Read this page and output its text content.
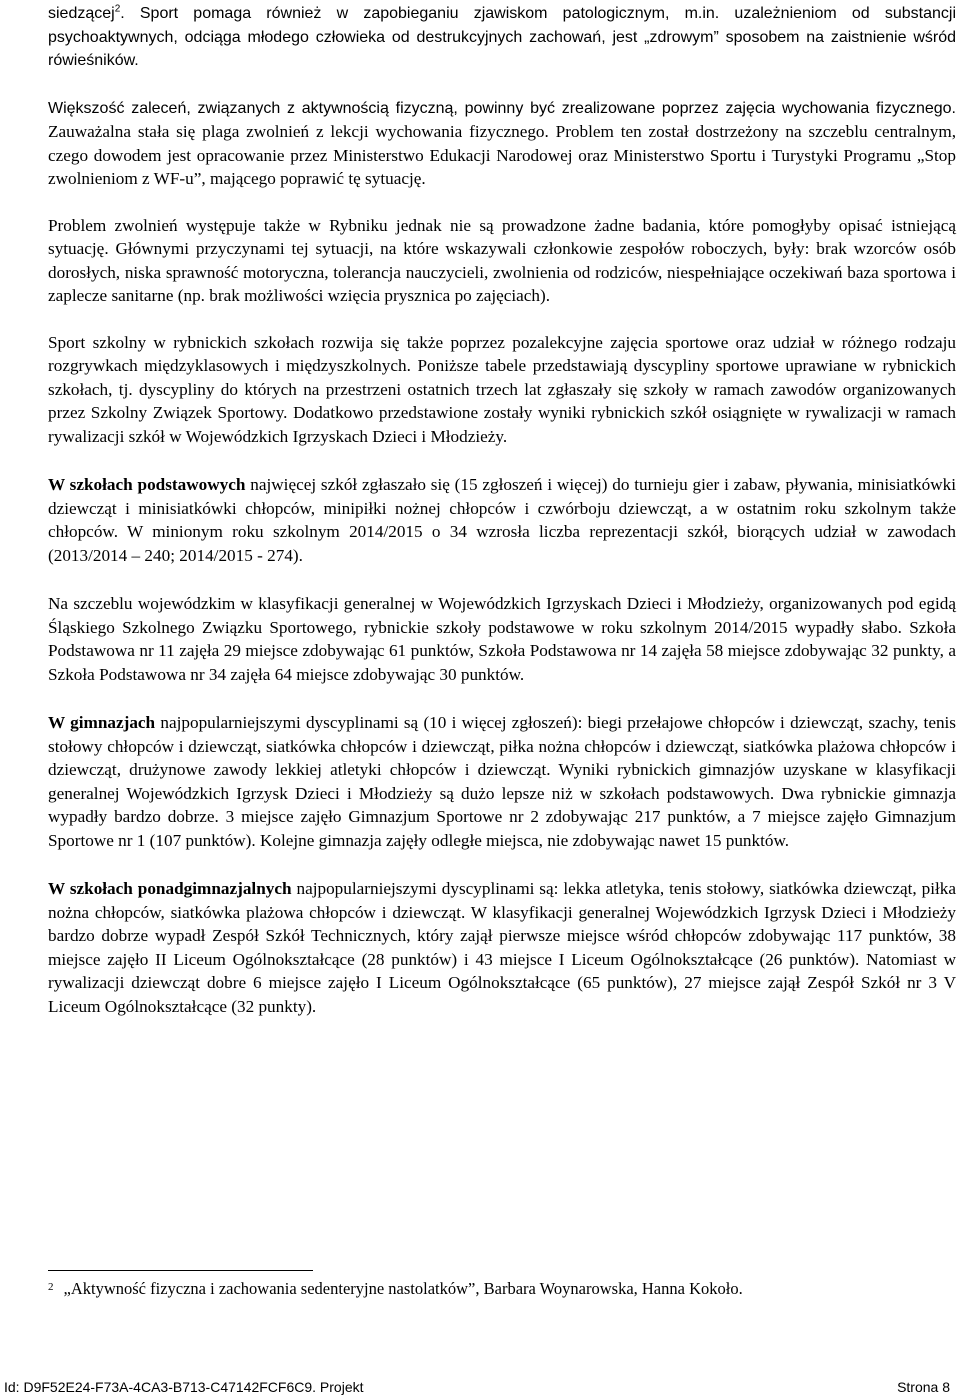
siedzącej$^2$. Sport pomaga również w zapobieganiu zjawiskom patologicznym, m.in. uzależnieniom od substancji psychoaktywnych, odciąga młodego człowieka od destrukcyjnych zachowań, jest „zdrowym” sposobem na zaistnienie wśród rówieśników.

Większość zaleceń, związanych z aktywnością fizyczną, powinny być zrealizowane poprzez zajęcia wychowania fizycznego. Zauważalna stała się plaga zwolnień z lekcji wychowania fizycznego. Problem ten został dostrzeżony na szczeblu centralnym, czego dowodem jest opracowanie przez Ministerstwo Edukacji Narodowej oraz Ministerstwo Sportu i Turystyki Programu „Stop zwolnieniom z WF-u”, mającego poprawić tę sytuację.

Problem zwolnień występuje także w Rybniku jednak nie są prowadzone żadne badania, które pomogłyby opisać istniejącą sytuację. Głównymi przyczynami tej sytuacji, na które wskazywali członkowie zespołów roboczych, były: brak wzorców osób dorosłych, niska sprawność motoryczna, tolerancja nauczycieli, zwolnienia od rodziców, niespełniające oczekiwań baza sportowa i zaplecze sanitarne (np. brak możliwości wzięcia prysznica po zajęciach).

Sport szkolny w rybnickich szkołach rozwija się także poprzez pozalekcyjne zajęcia sportowe oraz udział w różnego rodzaju rozgrywkach międzyklasowych i międzyszkolnych. Poniższe tabele przedstawiają dyscypliny sportowe uprawiane w rybnickich szkołach, tj. dyscypliny do których na przestrzeni ostatnich trzech lat zgłaszały się szkoły w ramach zawodów organizowanych przez Szkolny Związek Sportowy. Dodatkowo przedstawione zostały wyniki rybnickich szkół osiągnięte w rywalizacji w ramach rywalizacji szkół w Wojewódzkich Igrzyskach Dzieci i Młodzieży.

W szkołach podstawowych najwięcej szkół zgłaszało się (15 zgłoszeń i więcej) do turnieju gier i zabaw, pływania, minisiatkówki dziewcząt i minisiatkówki chłopców, minipiłki nożnej chłopców i czwórboju dziewcząt, a w ostatnim roku szkolnym także chłopców. W minionym roku szkolnym 2014/2015 o 34 wzrosła liczba reprezentacji szkół, biorących udział w zawodach (2013/2014 – 240; 2014/2015 - 274).

Na szczeblu wojewódzkim w klasyfikacji generalnej w Wojewódzkich Igrzyskach Dzieci i Młodzieży, organizowanych pod egidą Śląskiego Szkolnego Związku Sportowego, rybnickie szkoły podstawowe w roku szkolnym 2014/2015 wypadły słabo. Szkoła Podstawowa nr 11 zajęła 29 miejsce zdobywając 61 punktów, Szkoła Podstawowa nr 14 zajęła 58 miejsce zdobywając 32 punkty, a Szkoła Podstawowa nr 34 zajęła 64 miejsce zdobywając 30 punktów.

W gimnazjach najpopularniejszymi dyscyplinami są (10 i więcej zgłoszeń): biegi przełajowe chłopców i dziewcząt, szachy, tenis stołowy chłopców i dziewcząt, siatkówka chłopców i dziewcząt, piłka nożna chłopców i dziewcząt, siatkówka plażowa chłopców i dziewcząt, drużynowe zawody lekkiej atletyki chłopców i dziewcząt. Wyniki rybnickich gimnazjów uzyskane w klasyfikacji generalnej Wojewódzkich Igrzysk Dzieci i Młodzieży są dużo lepsze niż w szkołach podstawowych. Dwa rybnickie gimnazja wypadły bardzo dobrze. 3 miejsce zajęło Gimnazjum Sportowe nr 2 zdobywając 217 punktów, a 7 miejsce zajęło Gimnazjum Sportowe nr 1 (107 punktów). Kolejne gimnazja zajęły odległe miejsca, nie zdobywając nawet 15 punktów.

W szkołach ponadgimnazjalnych najpopularniejszymi dyscyplinami są: lekka atletyka, tenis stołowy, siatkówka dziewcząt, piłka nożna chłopców, siatkówka plażowa chłopców i dziewcząt. W klasyfikacji generalnej Wojewódzkich Igrzysk Dzieci i Młodzieży bardzo dobrze wypadł Zespół Szkół Technicznych, który zajął pierwsze miejsce wśród chłopców zdobywając 117 punktów, 38 miejsce zajęło II Liceum Ogólnokształcące (28 punktów) i 43 miejsce I Liceum Ogólnokształcące (26 punktów). Natomiast w rywalizacji dziewcząt dobre 6 miejsce zajęło I Liceum Ogólnokształcące (65 punktów), 27 miejsce zajął Zespół Szkół nr 3 V Liceum Ogólnokształcące (32 punkty).

$^2$ „Aktywność fizyczna i zachowania sedenteryjne nastolatków”, Barbara Woynarowska, Hanna Kokoło.
Id: D9F52E24-F73A-4CA3-B713-C47142FCF6C9. Projekt	Strona 8
